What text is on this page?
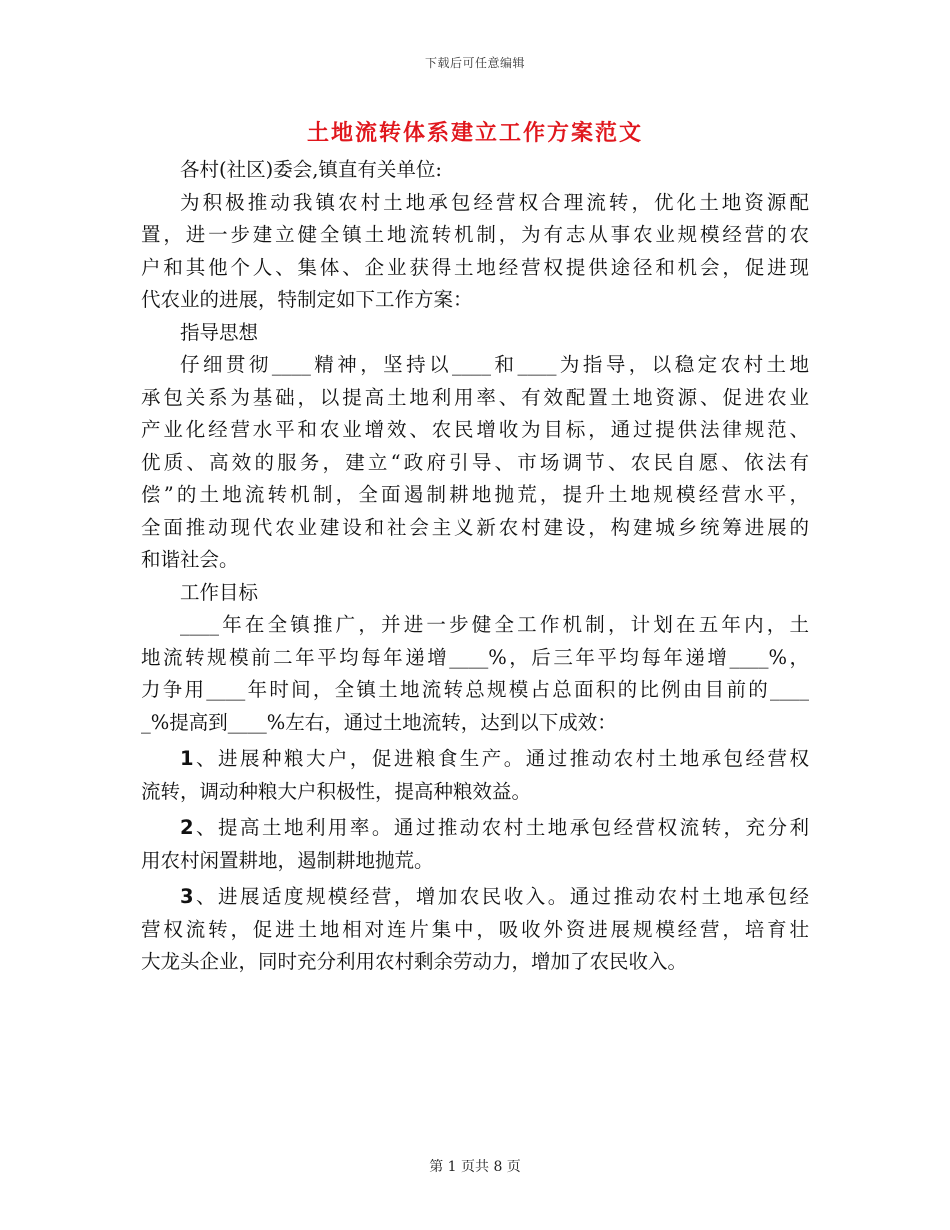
下载后可任意编辑
土地流转体系建立工作方案范文
各村(社区)委会,镇直有关单位:
为积极推动我镇农村土地承包经营权合理流转，优化土地资源配
置，进一步建立健全镇土地流转机制，为有志从事农业规模经营的农
户和其他个人、集体、企业获得土地经营权提供途径和机会，促进现
代农业的进展，特制定如下工作方案：
指导思想
仔细贯彻____精神，坚持以____和____为指导，以稳定农村土地
承包关系为基础，以提高土地利用率、有效配置土地资源、促进农业
产业化经营水平和农业增效、农民增收为目标，通过提供法律规范、
优质、高效的服务，建立“政府引导、市场调节、农民自愿、依法有
偿”的土地流转机制，全面遏制耕地抛荒，提升土地规模经营水平，
全面推动现代农业建设和社会主义新农村建设，构建城乡统筹进展的
和谐社会。
工作目标
____年在全镇推广，并进一步健全工作机制，计划在五年内，土
地流转规模前二年平均每年递增____%，后三年平均每年递增____%，
力争用____年时间，全镇土地流转总规模占总面积的比例由目前的____
_%提高到____%左右，通过土地流转，达到以下成效：
1、进展种粮大户，促进粮食生产。通过推动农村土地承包经营权
流转，调动种粮大户积极性，提高种粮效益。
2、提高土地利用率。通过推动农村土地承包经营权流转，充分利
用农村闲置耕地，遏制耕地抛荒。
3、进展适度规模经营，增加农民收入。通过推动农村土地承包经
营权流转，促进土地相对连片集中，吸收外资进展规模经营，培育壮
大龙头企业，同时充分利用农村剩余劳动力，增加了农民收入。
第 1 页共 8 页
